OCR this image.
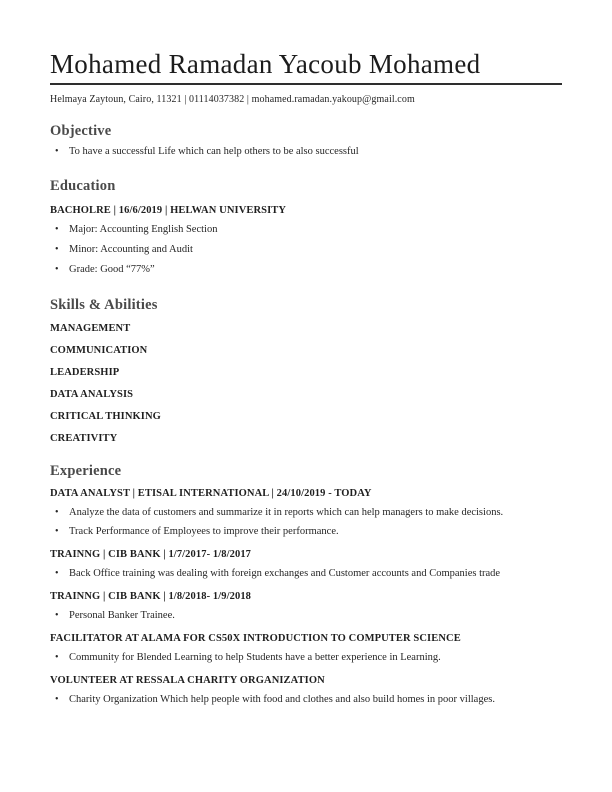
Mohamed Ramadan Yacoub Mohamed

Helmaya Zaytoun, Cairo, 11321 | 01114037382 | mohamed.ramadan.yakoup@gmail.com

Objective
• To have a successful Life which can help others to be also successful
Education

BACHOLRE | 16/6/2019 | HELWAN UNIVERSITY

• Major: Accounting English Section
• Minor: Accounting and Audit
• Grade: Good “77%”
Skills & Abilities

MANAGEMENT

COMMUNICATION

LEADERSHIP

DATA ANALYSIS

CRITICAL THINKING

CREATIVITY

Experience

DATA ANALYST | ETISAL INTERNATIONAL | 24/10/2019 - TODAY

• Analyze the data of customers and summarize it in reports which can help managers to make decisions.
• Track Performance of Employees to improve their performance.

TRAINNG | CIB BANK | 1/7/2017- 1/8/2017

• Back Office training was dealing with foreign exchanges and Customer accounts and Companies trade

TRAINNG | CIB BANK | 1/8/2018- 1/9/2018

• Personal Banker Trainee.

FACILITATOR AT ALAMA FOR CS50X INTRODUCTION TO COMPUTER SCIENCE

• Community for Blended Learning to help Students have a better experience in Learning.

VOLUNTEER AT RESSALA CHARITY ORGANIZATION

• Charity Organization Which help people with food and clothes and also build homes in poor villages.
